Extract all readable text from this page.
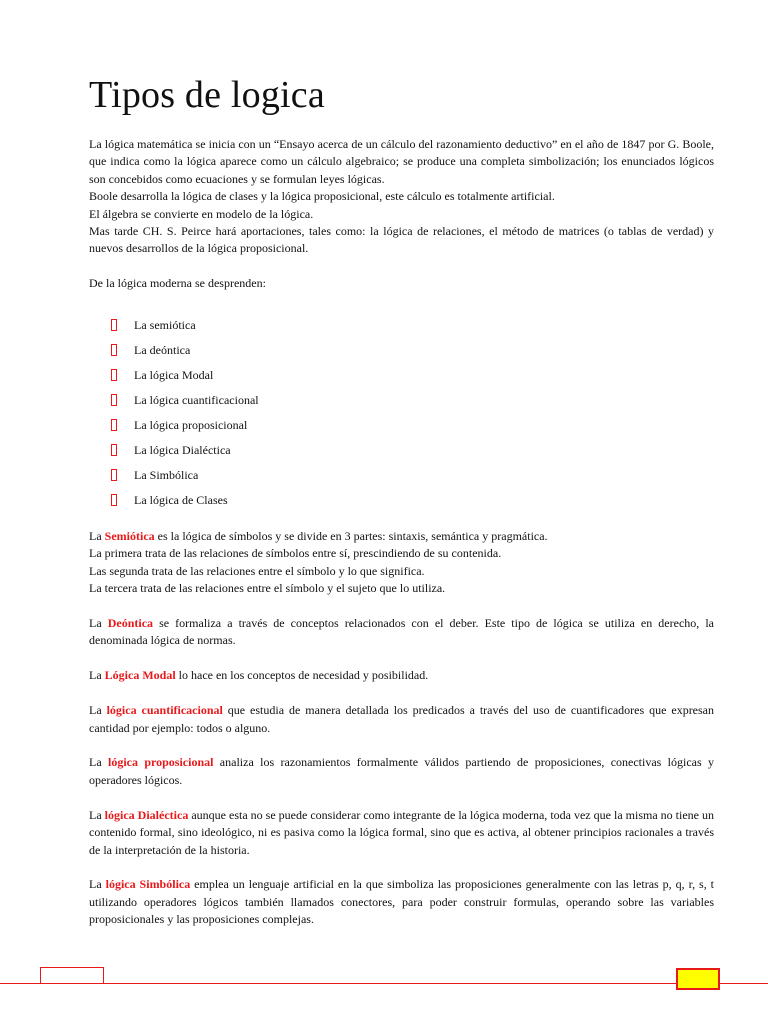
Tipos de logica

La lógica matemática se inicia con un “Ensayo acerca de un cálculo del razonamiento deductivo” en el año de 1847 por G. Boole, que indica como la lógica aparece como un cálculo algebraico; se produce una completa simbolización; los enunciados lógicos son concebidos como ecuaciones y se formulan leyes lógicas.

Boole desarrolla la lógica de clases y la lógica proposicional, este cálculo es totalmente artificial.

El álgebra se convierte en modelo de la lógica.

Mas tarde CH. S. Peirce hará aportaciones, tales como: la lógica de relaciones, el método de matrices (o tablas de verdad) y nuevos desarrollos de la lógica proposicional.

De la lógica moderna se desprenden:

La semiótica
La deóntica
La lógica Modal
La lógica cuantificacional
La lógica proposicional
La lógica Dialéctica
La Simbólica
La lógica de Clases

La Semiótica es la lógica de símbolos y se divide en 3 partes: sintaxis, semántica y pragmática.

La primera trata de las relaciones de símbolos entre sí, prescindiendo de su contenida.

Las segunda trata de las relaciones entre el símbolo y lo que significa.

La tercera trata de las relaciones entre el símbolo y el sujeto que lo utiliza.

La Deóntica se formaliza a través de conceptos relacionados con el deber. Este tipo de lógica se utiliza en derecho, la denominada lógica de normas.

La Lógica Modal lo hace en los conceptos de necesidad y posibilidad.

La lógica cuantificacional que estudia de manera detallada los predicados a través del uso de cuantificadores que expresan cantidad por ejemplo: todos o alguno.

La lógica proposicional analiza los razonamientos formalmente válidos partiendo de proposiciones, conectivas lógicas y operadores lógicos.

La lógica Dialéctica aunque esta no se puede considerar como integrante de la lógica moderna, toda vez que la misma no tiene un contenido formal, sino ideológico, ni es pasiva como la lógica formal, sino que es activa, al obtener principios racionales a través de la interpretación de la historia.

La lógica Simbólica emplea un lenguaje artificial en la que simboliza las proposiciones generalmente con las letras p, q, r, s, t utilizando operadores lógicos también llamados conectores, para poder construir formulas, operando sobre las variables proposicionales y las proposiciones complejas.
